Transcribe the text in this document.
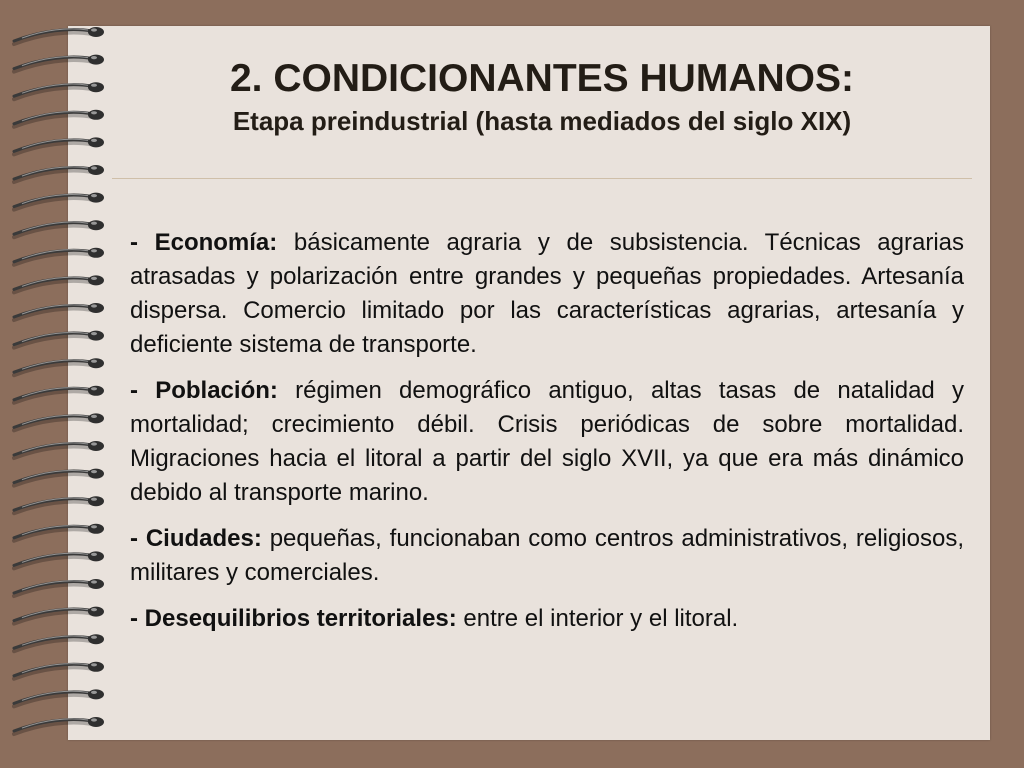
2. CONDICIONANTES HUMANOS:
Etapa preindustrial (hasta mediados del siglo XIX)

- Economía: básicamente agraria y de subsistencia. Técnicas agrarias atrasadas y polarización entre grandes y pequeñas propiedades. Artesanía dispersa. Comercio limitado por las características agrarias, artesanía y deficiente sistema de transporte.

- Población: régimen demográfico antiguo, altas tasas de natalidad y mortalidad; crecimiento débil. Crisis periódicas de sobre mortalidad. Migraciones hacia el litoral a partir del siglo XVII, ya que era más dinámico debido al transporte marino.

- Ciudades: pequeñas, funcionaban como centros administrativos, religiosos, militares y comerciales.

- Desequilibrios territoriales: entre el interior y el litoral.
